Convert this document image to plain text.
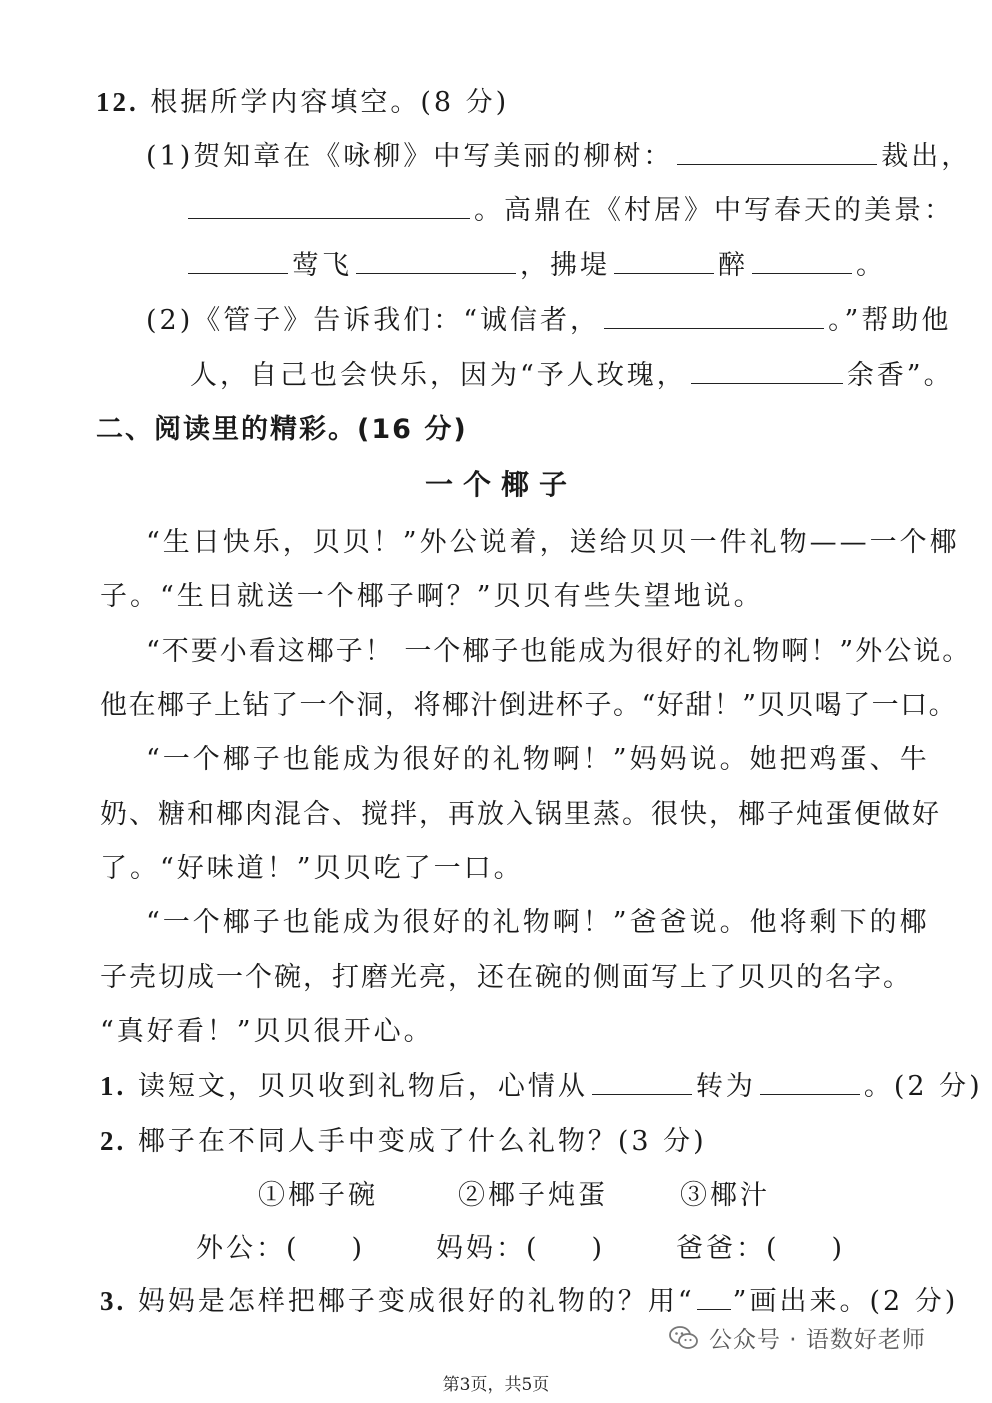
12. 根据所学内容填空。(8 分)
(1)贺知章在《咏柳》中写美丽的柳树：	裁出，
。高鼎在《村居》中写春天的美景：
莺飞	，拂堤	醉	。
(2)《管子》告诉我们：“诚信者，	。”帮助他
人，自己也会快乐，因为“予人玫瑰，	余香”。
二、阅读里的精彩。(16 分)
一个椰子
“生日快乐，贝贝！”外公说着，送给贝贝一件礼物——一个椰
子。“生日就送一个椰子啊？”贝贝有些失望地说。
“不要小看这椰子！ 一个椰子也能成为很好的礼物啊！”外公说。
他在椰子上钻了一个洞，将椰汁倒进杯子。“好甜！”贝贝喝了一口。
“一个椰子也能成为很好的礼物啊！”妈妈说。她把鸡蛋、牛
奶、糖和椰肉混合、搅拌，再放入锅里蒸。很快，椰子炖蛋便做好
了。“好味道！”贝贝吃了一口。
“一个椰子也能成为很好的礼物啊！”爸爸说。他将剩下的椰
子壳切成一个碗，打磨光亮，还在碗的侧面写上了贝贝的名字。
“真好看！”贝贝很开心。
1. 读短文，贝贝收到礼物后，心情从	转为	。(2 分)
2. 椰子在不同人手中变成了什么礼物？(3 分)
①椰子碗	②椰子炖蛋	③椰汁
外公：( )	妈妈：( )	爸爸：( )
3. 妈妈是怎样把椰子变成很好的礼物的？用“ ”画出来。(2 分)
公众号 · 语数好老师
第3页，共5页
